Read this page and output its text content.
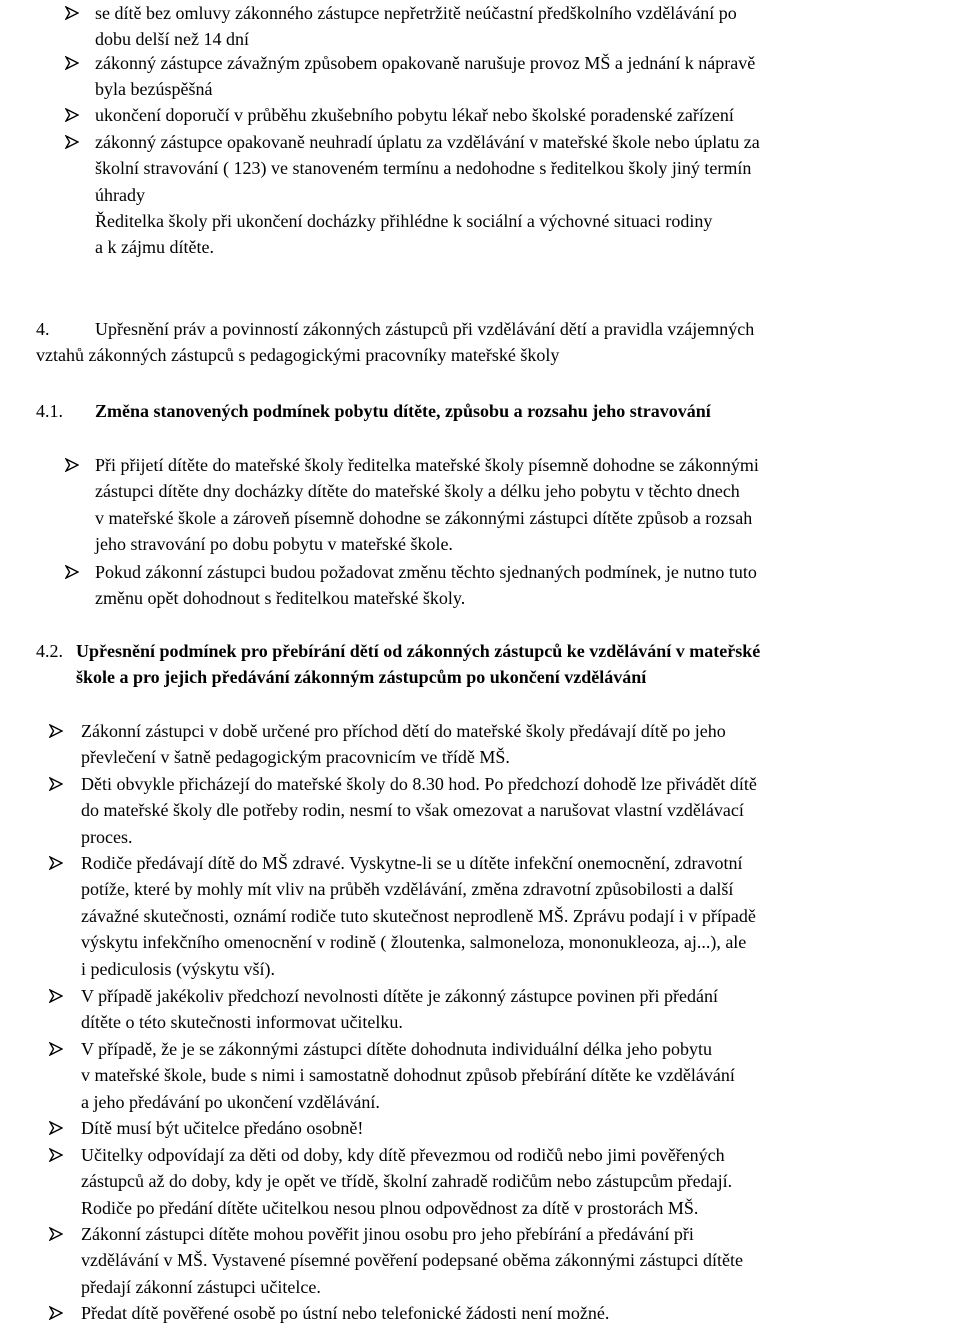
se dítě bez omluvy zákonného zástupce nepřetržitě neúčastní předškolního vzdělávání po
dobu delší než 14 dní
zákonný zástupce závažným způsobem opakovaně narušuje provoz MŠ a jednání k nápravě
byla bezúspěšná
ukončení doporučí v průběhu zkušebního pobytu lékař nebo školské poradenské zařízení
zákonný zástupce opakovaně neuhradí úplatu za vzdělávání v mateřské škole nebo úplatu za
školní stravování ( 123) ve stanoveném termínu a nedohodne s ředitelkou školy jiný termín
úhrady
Ředitelka školy při ukončení docházky přihlédne k sociální a výchovné situaci rodiny
a k zájmu dítěte.
4.	Upřesnění práv a povinností zákonných zástupců při vzdělávání dětí a pravidla vzájemných
vztahů zákonných zástupců s pedagogickými pracovníky mateřské školy
4.1. Změna stanovených podmínek pobytu dítěte, způsobu a rozsahu jeho stravování
Při přijetí dítěte do mateřské školy ředitelka mateřské školy písemně dohodne se zákonnými
zástupci dítěte dny docházky dítěte do mateřské školy a délku jeho pobytu v těchto dnech
v mateřské škole a zároveň písemně dohodne se zákonnými zástupci dítěte způsob a rozsah
jeho stravování po dobu pobytu v mateřské škole.
Pokud zákonní zástupci budou požadovat změnu těchto sjednaných podmínek, je nutno tuto
změnu opět dohodnout s ředitelkou mateřské školy.
4.2. Upřesnění podmínek pro přebírání dětí od zákonných zástupců ke vzdělávání v mateřské
škole a pro jejich předávání zákonným zástupcům po ukončení vzdělávání
Zákonní zástupci v době určené pro příchod dětí do mateřské školy předávají dítě po jeho
převlečení v šatně pedagogickým pracovnicím ve třídě MŠ.
Děti obvykle přicházejí do mateřské školy do 8.30 hod. Po předchozí dohodě lze přivádět dítě
do mateřské školy dle potřeby rodin, nesmí to však omezovat a narušovat vlastní vzdělávací
proces.
Rodiče předávají dítě do MŠ zdravé. Vyskytne-li se u dítěte infekční onemocnění, zdravotní
potíže, které by mohly mít vliv na průběh vzdělávání, změna zdravotní způsobilosti a další
závažné skutečnosti, oznámí rodiče tuto skutečnost neprodleně MŠ. Zprávu podají i v případě
výskytu infekčního omenocnění v rodině ( žloutenka, salmoneloza, mononukleoza, aj...), ale
i pediculosis (výskytu vší).
V případě jakékoliv předchozí nevolnosti dítěte je zákonný zástupce povinen při předání
dítěte o této skutečnosti informovat učitelku.
V případě, že je se zákonnými zástupci dítěte dohodnuta individuální délka jeho pobytu
v mateřské škole, bude s nimi i samostatně dohodnut způsob přebírání dítěte ke vzdělávání
a jeho předávání po ukončení vzdělávání.
Dítě musí být učitelce předáno osobně!
Učitelky odpovídají za děti od doby, kdy dítě převezmou od rodičů nebo jimi pověřených
zástupců až do doby, kdy je opět ve třídě, školní zahradě rodičům nebo zástupcům předají.
Rodiče po předání dítěte učitelkou nesou plnou odpovědnost za dítě v prostorách MŠ.
Zákonní zástupci dítěte mohou pověřit jinou osobu pro jeho přebírání a předávání při
vzdělávání v MŠ. Vystavené písemné pověření podepsané oběma zákonnými zástupci dítěte
předají zákonní zástupci učitelce.
Předat dítě pověřené osobě po ústní nebo telefonické žádosti není možné.
